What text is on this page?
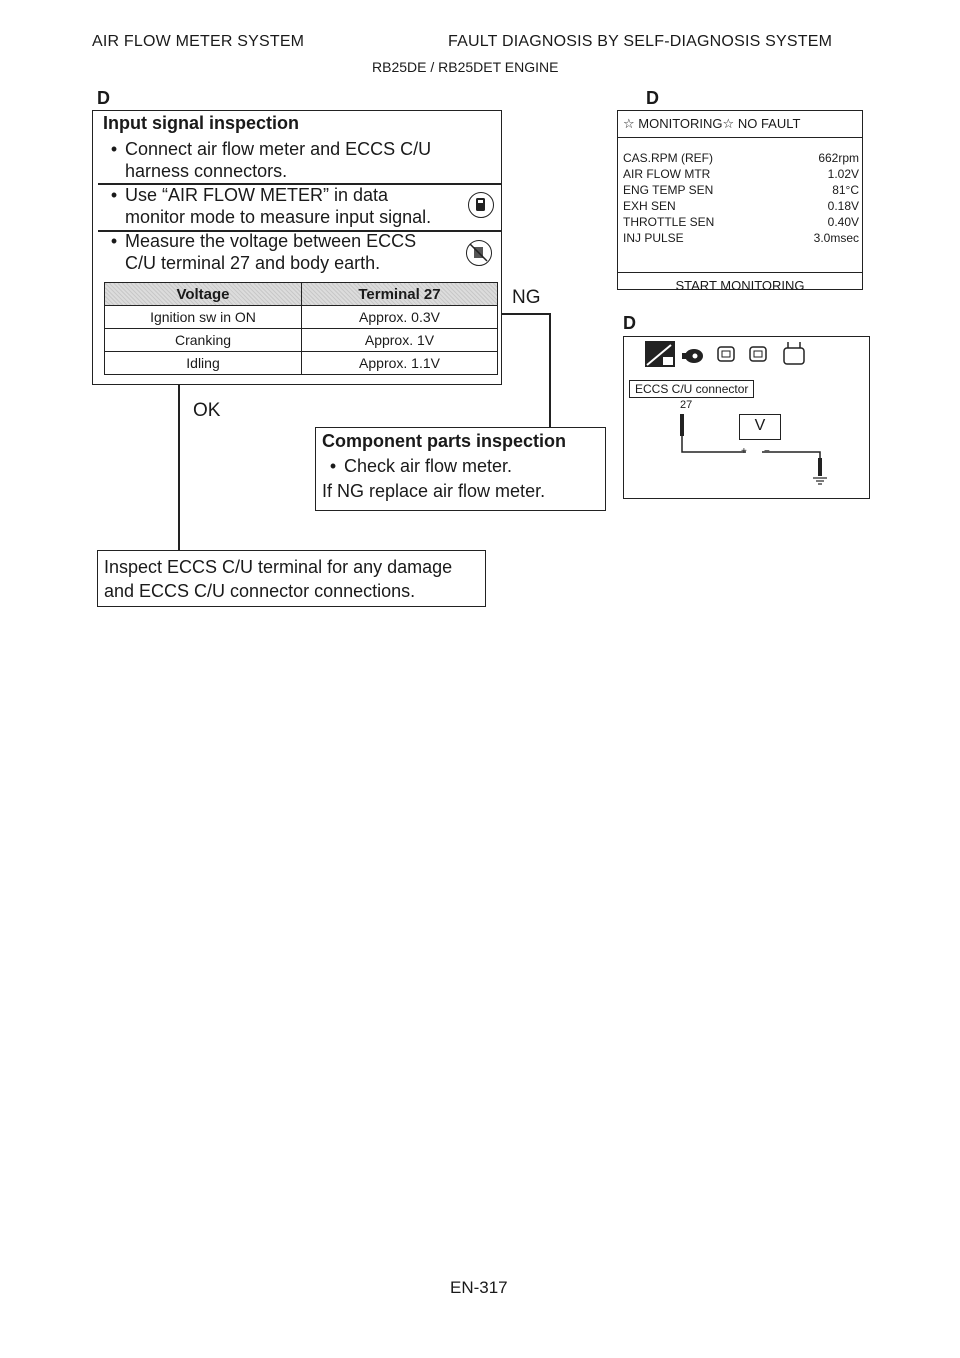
AIR FLOW METER SYSTEM	FAULT DIAGNOSIS BY SELF-DIAGNOSIS SYSTEM
RB25DE / RB25DET ENGINE
D	D
D
Input signal inspection
• Connect air flow meter and ECCS C/U
harness connectors.
• Use “AIR FLOW METER” in data
monitor mode to measure input signal.
• Measure the voltage between ECCS
C/U terminal 27 and body earth.
Voltage	Terminal 27
Ignition sw in ON	Approx. 0.3V
Cranking	Approx. 1V
Idling	Approx. 1.1V
NG
OK
Component parts inspection
• Check air flow meter.
If NG replace air flow meter.
Inspect ECCS C/U terminal for any damage
and ECCS C/U connector connections.
☆ MONITORING☆ NO FAULT
CAS.RPM (REF)	662rpm
AIR FLOW MTR	1.02V
ENG TEMP SEN	81°C
EXH SEN	0.18V
THROTTLE SEN	0.40V
INJ PULSE	3.0msec
START MONITORING
ECCS C/U connector
27
V
+ −
EN-317
